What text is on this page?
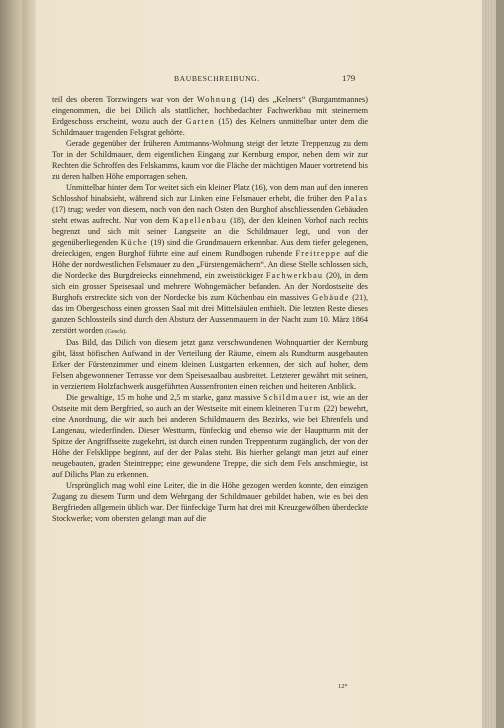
BAUBESCHREIBUNG.	179

teil des oberen Torzwingers war von der Wohnung (14) des „Kelners“ (Burgamtmannes) eingenommen, die bei Dilich als stattlicher, hochbedachter Fachwerkbau mit steinernem Erdgeschoss erscheint, wozu auch der Garten (15) des Kelners unmittelbar unter dem die Schildmauer tragenden Felsgrat gehörte.

Gerade gegenüber der früheren Amtmanns-Wohnung steigt der letzte Treppenzug zu dem Tor in der Schildmauer, dem eigentlichen Eingang zur Kernburg empor, neben dem wir zur Rechten die Schroffen des Felskamms, kaum vor die Fläche der mächtigen Mauer vortretend bis zu deren halben Höhe emporragen sehen.

Unmittelbar hinter dem Tor weitet sich ein kleiner Platz (16), von dem man auf den inneren Schlosshof hinabsieht, während sich zur Linken eine Felsmauer erhebt, die früher den Palas (17) trug; weder von diesem, noch von den nach Osten den Burghof abschliessenden Gebäuden steht etwas aufrecht. Nur von dem Kapellenbau (18), der den kleinen Vorhof nach rechts begrenzt und sich mit seiner Langseite an die Schildmauer legt, und von der gegenüberliegenden Küche (19) sind die Grundmauern erkennbar. Aus dem tiefer gelegenen, dreieckigen, engen Burghof führte eine auf einem Rundbogen ruhende Freitreppe auf die Höhe der nordwestlichen Felsmauer zu den „Fürstengemächern“. An diese Stelle schlossen sich, die Nordecke des Burgdreiecks einnehmend, ein zweistöckiger Fachwerkbau (20), in dem sich ein grosser Speisesaal und mehrere Wohngemächer befanden. An der Nordostseite des Burghofs erstreckte sich von der Nordecke bis zum Küchenbau ein massives Gebäude (21), das im Obergeschoss einen grossen Saal mit drei Mittelsäulen enthielt. Die letzten Reste dieses ganzen Schlossteils sind durch den Absturz der Aussenmauern in der Nacht zum 10. März 1864 zerstört worden (Gesch).

Das Bild, das Dilich von diesem jetzt ganz verschwundenen Wohnquartier der Kernburg gibt, lässt höfischen Aufwand in der Verteilung der Räume, einem als Rundturm ausgebauten Erker der Fürstenzimmer und einem kleinen Lustgarten erkennen, der sich auf hoher, dem Felsen abgewonnener Terrasse vor dem Speisesaalbau ausbreitet. Letzterer gewährt mit seinen, in verziertem Holzfachwerk ausgeführten Aussenfronten einen reichen und heiteren Anblick.

Die gewaltige, 15 m hohe und 2,5 m starke, ganz massive Schildmauer ist, wie an der Ostseite mit dem Bergfried, so auch an der Westseite mit einem kleineren Turm (22) bewehrt, eine Anordnung, die wir auch bei anderen Schildmauern des Bezirks, wie bei Ehrenfels und Langenau, wiederfinden. Dieser Westturm, fünfeckig und ebenso wie der Hauptturm mit der Spitze der Angriffsseite zugekehrt, ist durch einen runden Treppenturm zugänglich, der von der Höhe der Felsklippe beginnt, auf der der Palas steht. Bis hierher gelangt man jetzt auf einer neugebauten, graden Steintreppe; eine gewundene Treppe, die sich dem Fels anschmiegte, ist auf Dilichs Plan zu erkennen.

Ursprünglich mag wohl eine Leiter, die in die Höhe gezogen werden konnte, den einzigen Zugang zu diesem Turm und dem Wehrgang der Schildmauer gebildet haben, wie es bei den Bergfrieden allgemein üblich war. Der fünfeckige Turm hat drei mit Kreuzgewölben überdeckte Stockwerke; vom obersten gelangt man auf die

12*
